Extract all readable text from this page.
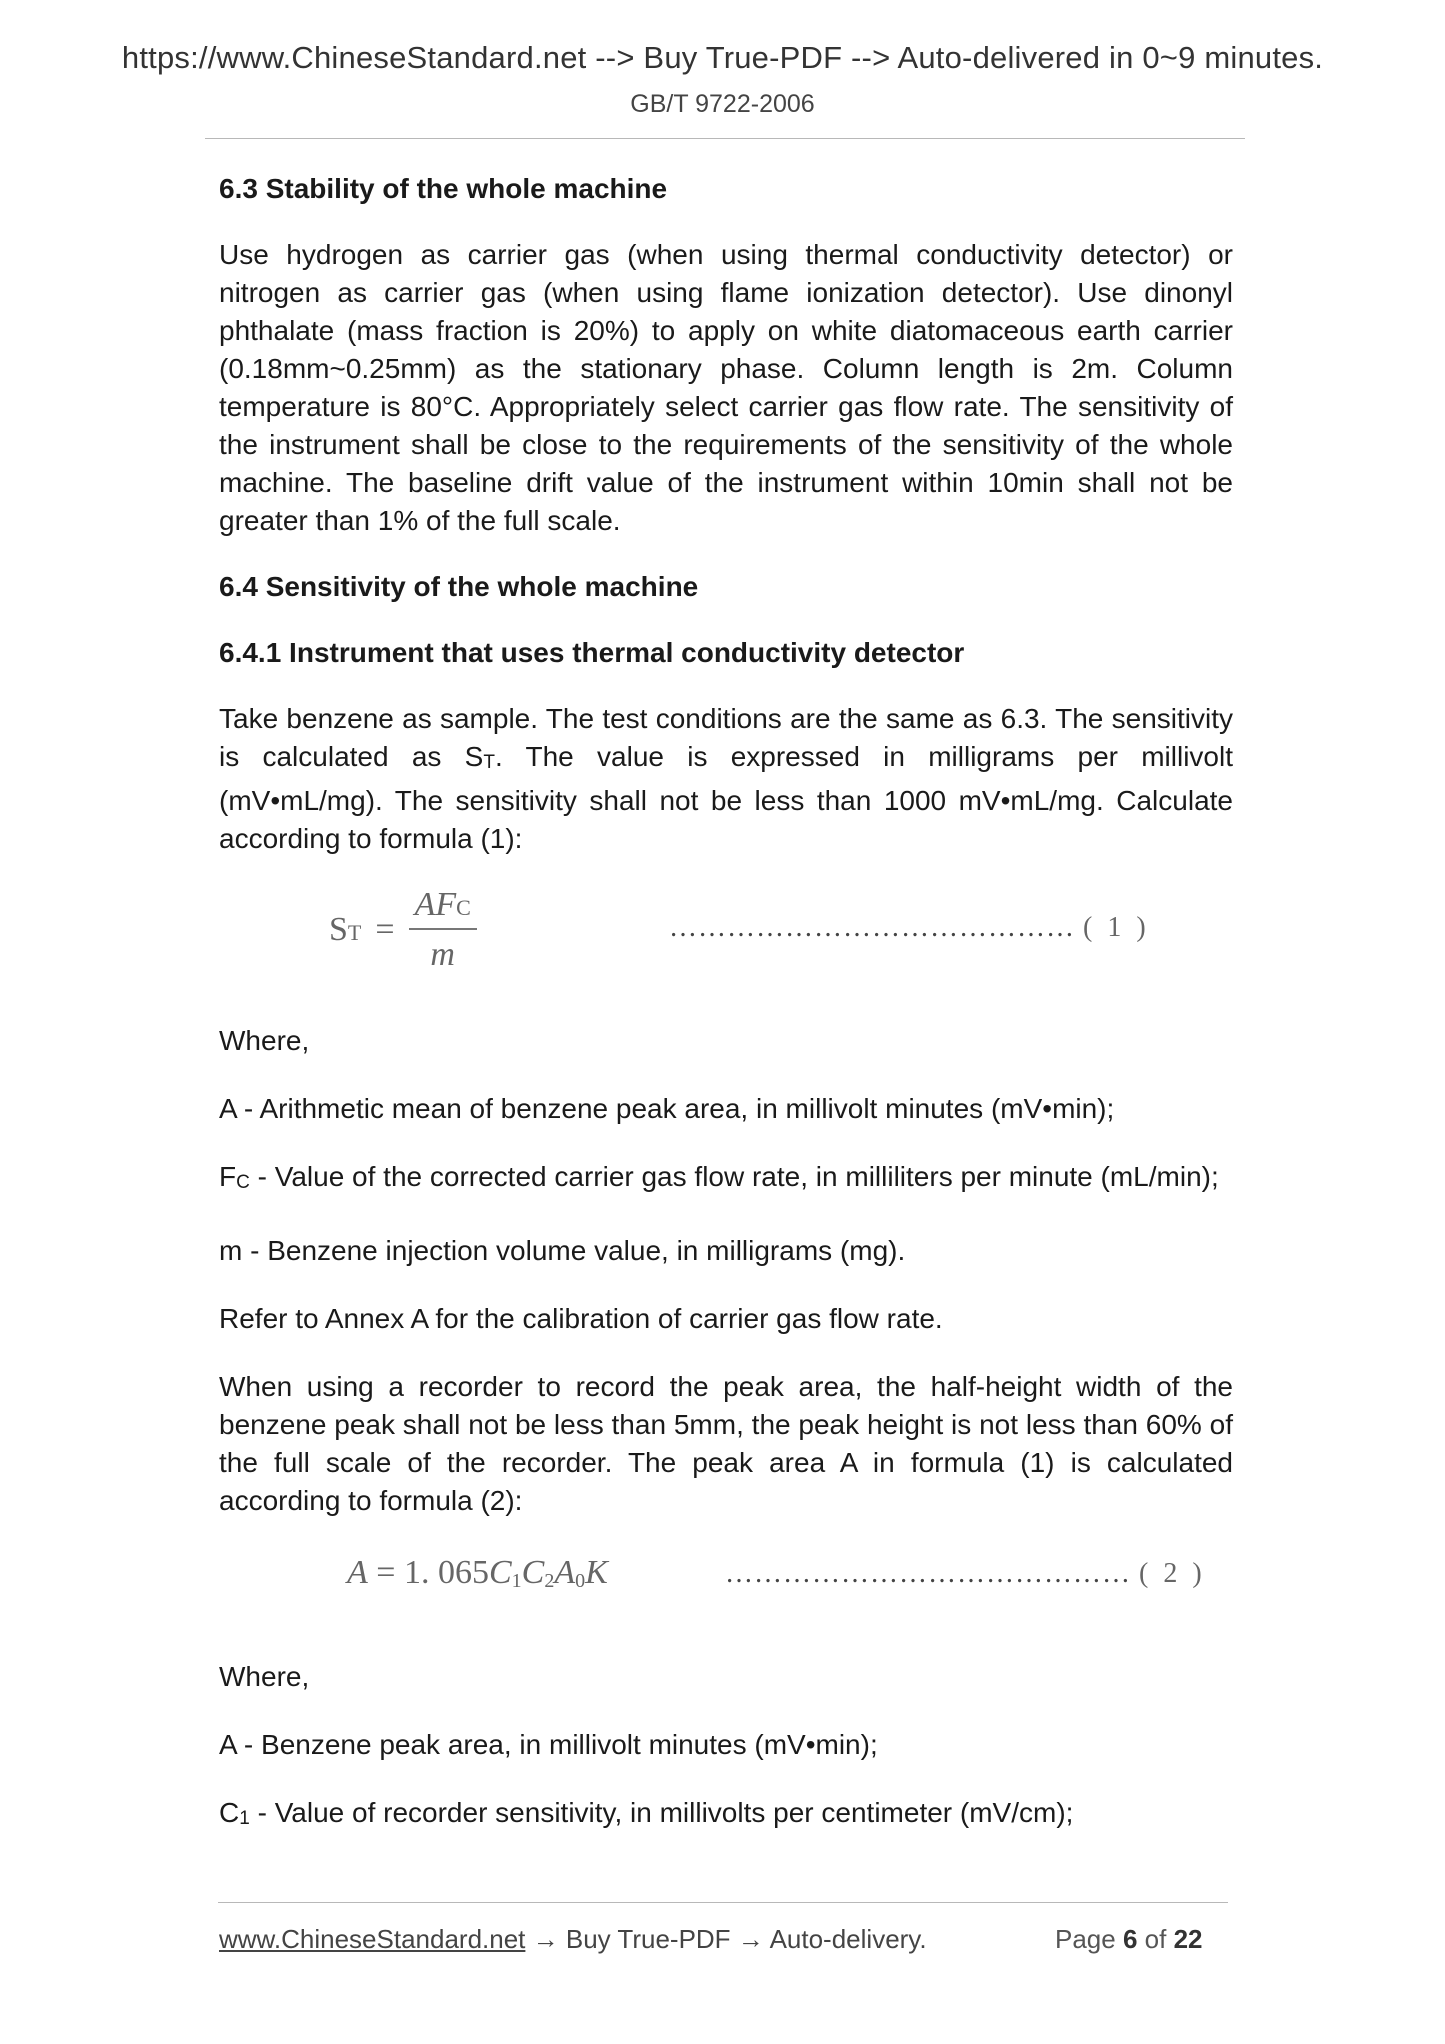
https://www.ChineseStandard.net --> Buy True-PDF --> Auto-delivered in 0~9 minutes.
GB/T 9722-2006
6.3 Stability of the whole machine
Use hydrogen as carrier gas (when using thermal conductivity detector) or nitrogen as carrier gas (when using flame ionization detector). Use dinonyl phthalate (mass fraction is 20%) to apply on white diatomaceous earth carrier (0.18mm~0.25mm) as the stationary phase. Column length is 2m. Column temperature is 80°C. Appropriately select carrier gas flow rate. The sensitivity of the instrument shall be close to the requirements of the sensitivity of the whole machine. The baseline drift value of the instrument within 10min shall not be greater than 1% of the full scale.
6.4 Sensitivity of the whole machine
6.4.1 Instrument that uses thermal conductivity detector
Take benzene as sample. The test conditions are the same as 6.3. The sensitivity is calculated as ST. The value is expressed in milligrams per millivolt (mV•mL/mg). The sensitivity shall not be less than 1000 mV•mL/mg. Calculate according to formula (1):
ST = $\frac{\text{AFC}}{m}$	…………………………………… ( 1 )
Where,
A - Arithmetic mean of benzene peak area, in millivolt minutes (mV•min);
FC - Value of the corrected carrier gas flow rate, in milliliters per minute (mL/min);
m - Benzene injection volume value, in milligrams (mg).
Refer to Annex A for the calibration of carrier gas flow rate.
When using a recorder to record the peak area, the half-height width of the benzene peak shall not be less than 5mm, the peak height is not less than 60% of the full scale of the recorder. The peak area A in formula (1) is calculated according to formula (2):
A = 1. 065C1C2A0K	…………………………………… ( 2 )
Where,
A - Benzene peak area, in millivolt minutes (mV•min);
C1 - Value of recorder sensitivity, in millivolts per centimeter (mV/cm);
www.ChineseStandard.net → Buy True-PDF → Auto-delivery.	Page 6 of 22
